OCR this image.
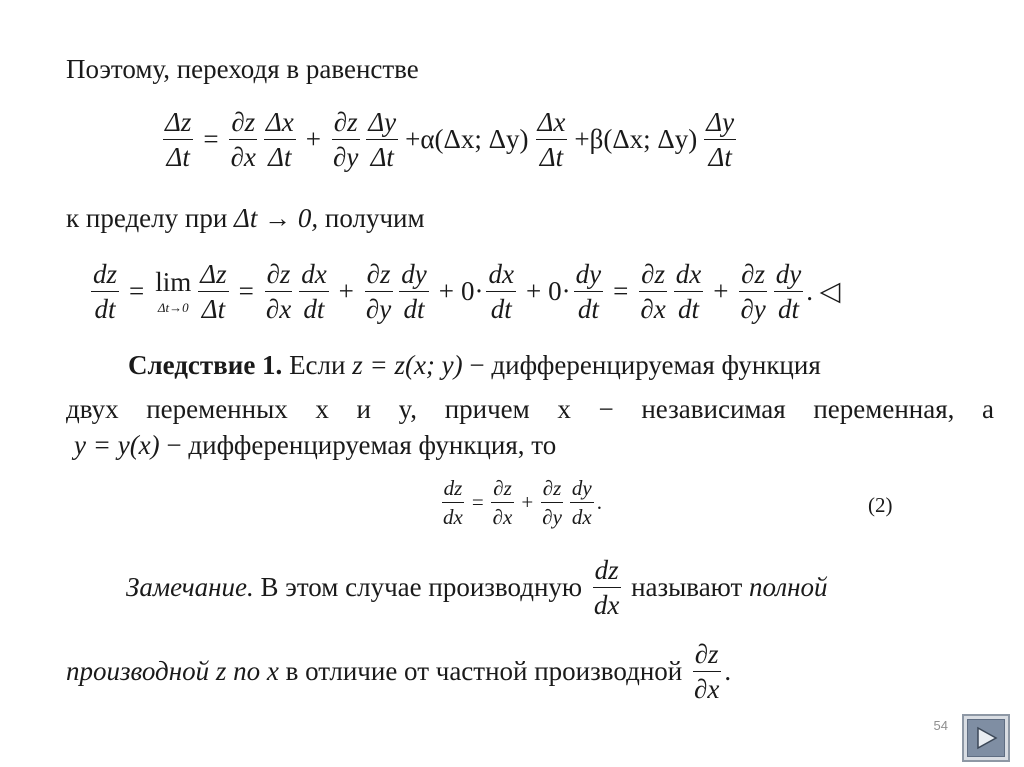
Поэтому, переходя в равенстве
$\frac{\Delta z}{\Delta t} = \frac{\partial z}{\partial x} \frac{\Delta x}{\Delta t} + \frac{\partial z}{\partial y} \frac{\Delta y}{\Delta t} +\alpha(\Delta x$; $\Delta y) \frac{\Delta x}{\Delta t} +\beta(\Delta x$; $\Delta y) \frac{\Delta y}{\Delta t}$
к пределу при Δt → 0, получим
$\frac{dz}{dt} = \lim$
$\Delta t\to 0 \frac{\Delta z}{\Delta t} = \frac{\partial z}{\partial x} \frac{dx}{dt} + \frac{\partial z}{\partial y} \frac{dy}{dt} + 0\cdot \frac{dx}{dt} + 0\cdot \frac{dy}{dt} = \frac{\partial z}{\partial x} \frac{dx}{dt} + \frac{\partial z}{\partial y} \frac{dy}{dt}$ . ◁
Следствие 1. Если z = z(x; y) − дифференцируемая функция
двух переменных x и y, причем x − независимая переменная, а
y = y(x) − дифференцируемая функция, то
$\frac{dz}{dx} = \frac{\partial z}{\partial x} + \frac{\partial z}{\partial y} \frac{dy}{dx}$ .	(2)
Замечание. В этом случае производную $\frac{dz}{dx}$ называют полной
производной z по x в отличие от частной производной $\frac{\partial z}{\partial x}$ .
54
